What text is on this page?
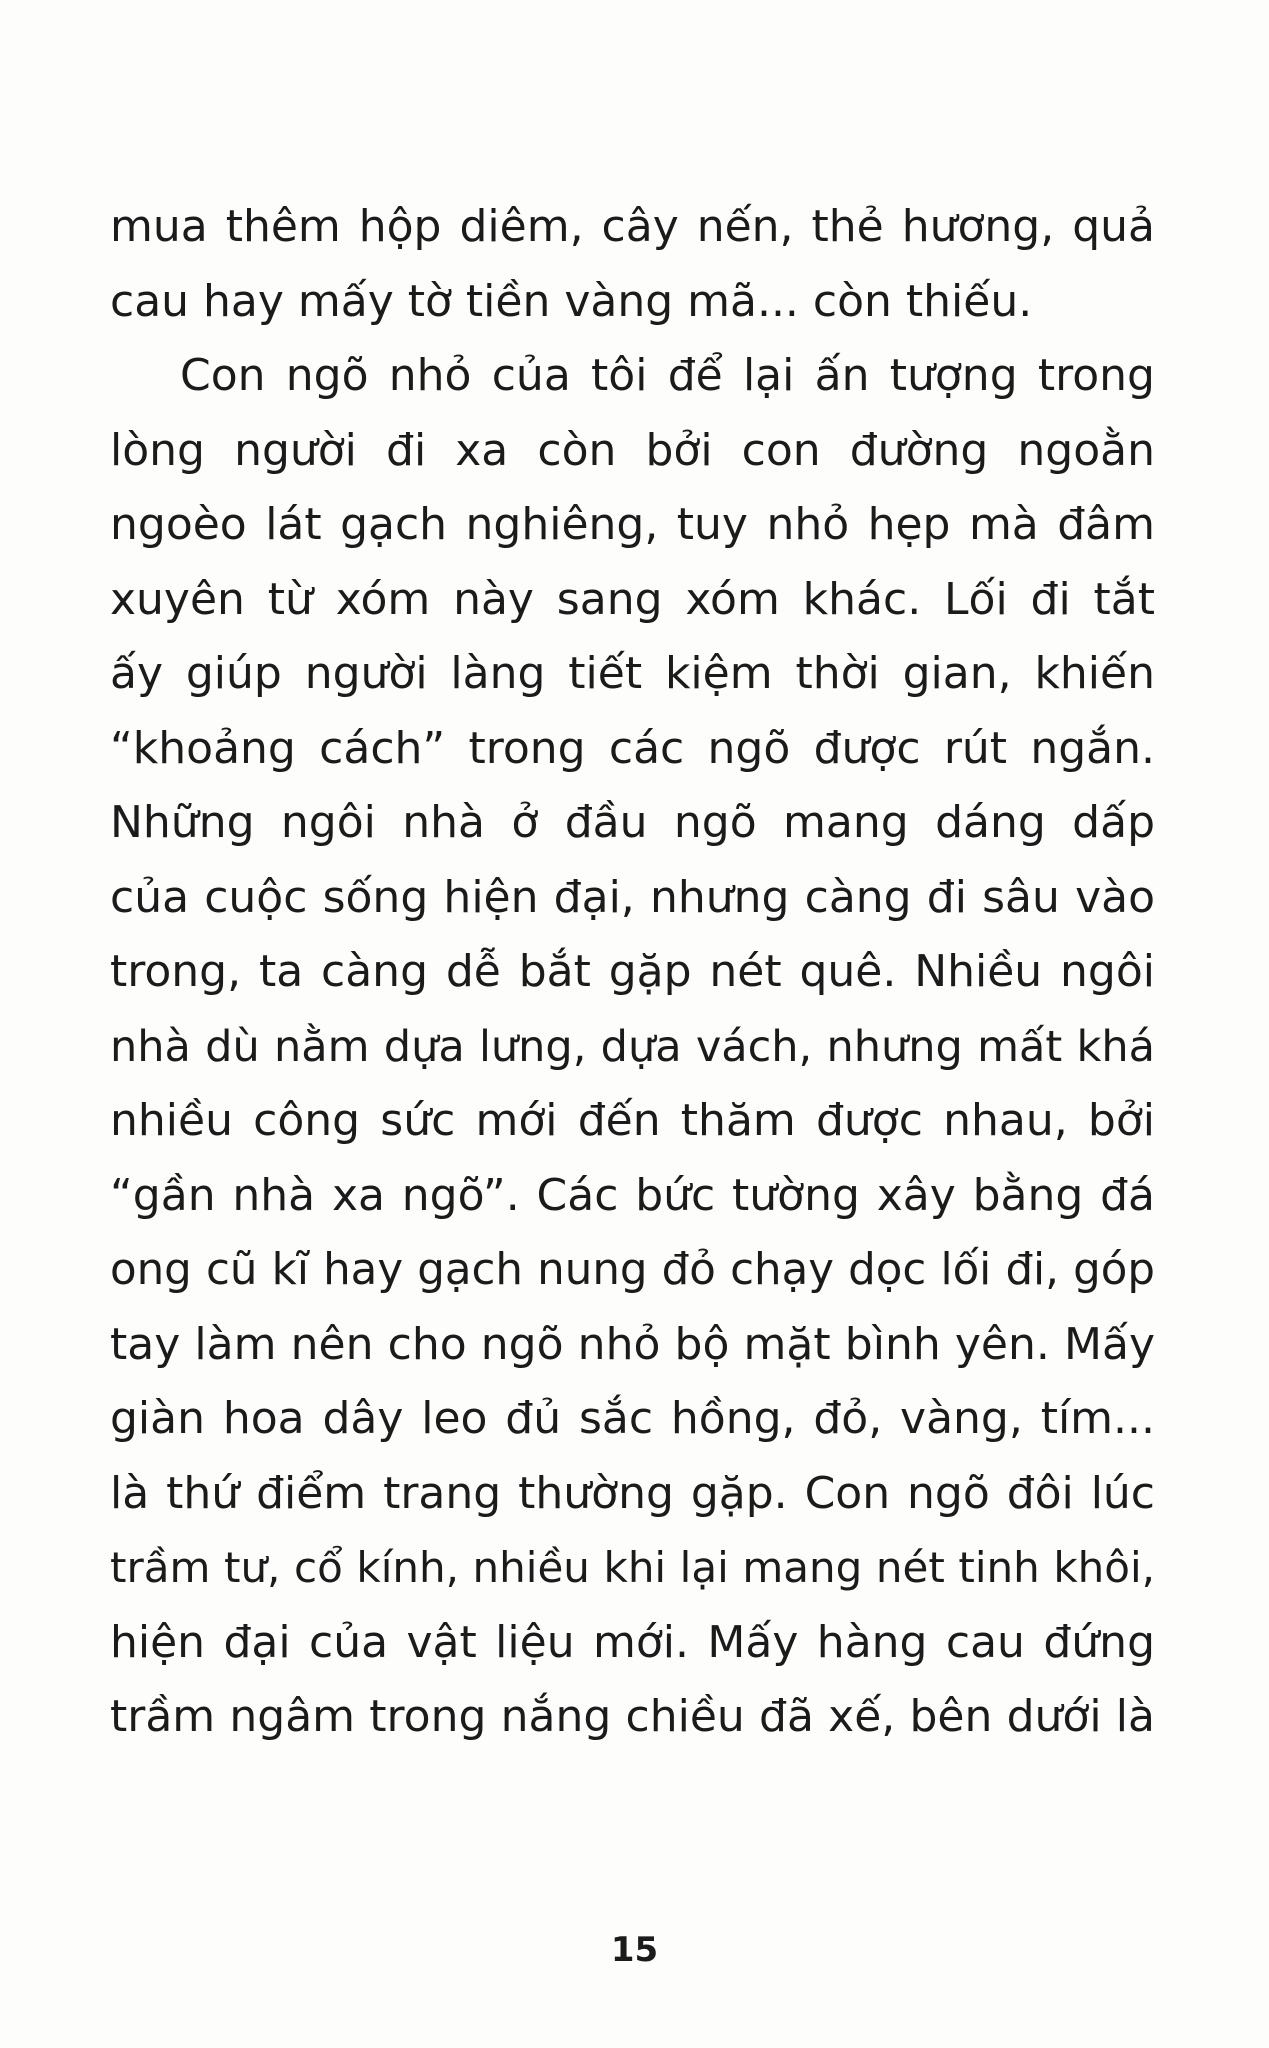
mua thêm hộp diêm, cây nến, thẻ hương, quả
cau hay mấy tờ tiền vàng mã... còn thiếu.
Con ngõ nhỏ của tôi để lại ấn tượng trong
lòng người đi xa còn bởi con đường ngoằn
ngoèo lát gạch nghiêng, tuy nhỏ hẹp mà đâm
xuyên từ xóm này sang xóm khác. Lối đi tắt
ấy giúp người làng tiết kiệm thời gian, khiến
“khoảng cách” trong các ngõ được rút ngắn.
Những ngôi nhà ở đầu ngõ mang dáng dấp
của cuộc sống hiện đại, nhưng càng đi sâu vào
trong, ta càng dễ bắt gặp nét quê. Nhiều ngôi
nhà dù nằm dựa lưng, dựa vách, nhưng mất khá
nhiều công sức mới đến thăm được nhau, bởi
“gần nhà xa ngõ”. Các bức tường xây bằng đá
ong cũ kĩ hay gạch nung đỏ chạy dọc lối đi, góp
tay làm nên cho ngõ nhỏ bộ mặt bình yên. Mấy
giàn hoa dây leo đủ sắc hồng, đỏ, vàng, tím...
là thứ điểm trang thường gặp. Con ngõ đôi lúc
trầm tư, cổ kính, nhiều khi lại mang nét tinh khôi,
hiện đại của vật liệu mới. Mấy hàng cau đứng
trầm ngâm trong nắng chiều đã xế, bên dưới là
15
